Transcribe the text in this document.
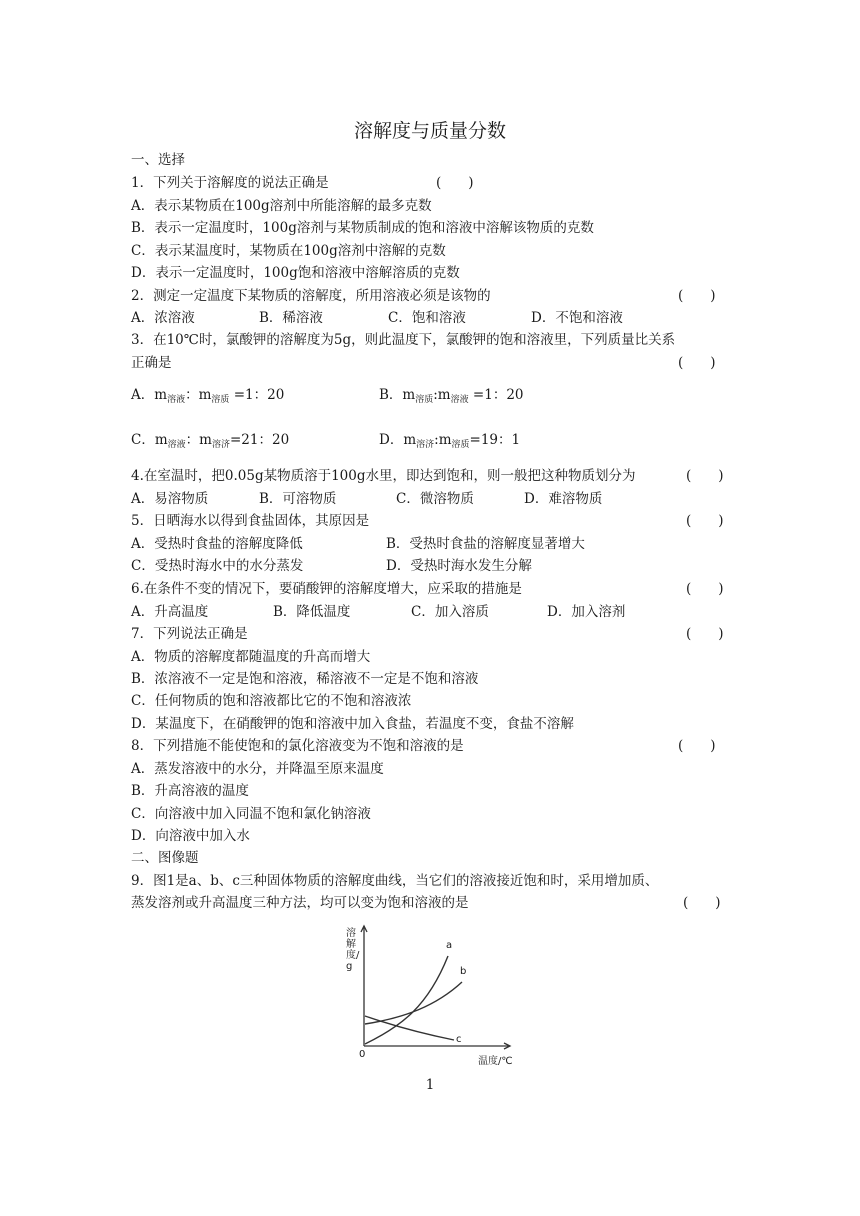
溶解度与质量分数
一、选择
1．下列关于溶解度的说法正确是	(　　)
A．表示某物质在100g溶剂中所能溶解的最多克数
B．表示一定温度时，100g溶剂与某物质制成的饱和溶液中溶解该物质的克数
C．表示某温度时，某物质在100g溶剂中溶解的克数
D．表示一定温度时，100g饱和溶液中溶解溶质的克数
2．测定一定温度下某物质的溶解度，所用溶液必须是该物的	(　　)
A．浓溶液	B．稀溶液	C．饱和溶液	D．不饱和溶液
3．在10℃时，氯酸钾的溶解度为5g，则此温度下，氯酸钾的饱和溶液里，下列质量比关系
正确是	(　　)
A．$m_{溶液}$：$m_{溶质} =1$：20	B．$m_{溶质}:m_{溶液} =1$：20
C．$m_{溶液}$：$m_{溶济}=21$：20	D．$m_{溶济}:m_{溶质}=19$：1
4.在室温时，把0.05g某物质溶于100g水里，即达到饱和，则一般把这种物质划分为	(　　)
A．易溶物质	B．可溶物质	C．微溶物质	D．难溶物质
5．日晒海水以得到食盐固体，其原因是	(　　)
A．受热时食盐的溶解度降低	B．受热时食盐的溶解度显著增大
C．受热时海水中的水分蒸发	D．受热时海水发生分解
6.在条件不变的情况下，要硝酸钾的溶解度增大，应采取的措施是	(　　)
A．升高温度	B．降低温度	C．加入溶质	D．加入溶剂
7．下列说法正确是	(　　)
A．物质的溶解度都随温度的升高而增大
B．浓溶液不一定是饱和溶液，稀溶液不一定是不饱和溶液
C．任何物质的饱和溶液都比它的不饱和溶液浓
D．某温度下，在硝酸钾的饱和溶液中加入食盐，若温度不变，食盐不溶解
8．下列措施不能使饱和的氯化溶液变为不饱和溶液的是	(　　)
A．蒸发溶液中的水分，并降温至原来温度
B．升高溶液的温度
C．向溶液中加入同温不饱和氯化钠溶液
D．向溶液中加入水
二、图像题
9．图1是a、b、c三种固体物质的溶解度曲线，当它们的溶液接近饱和时，采用增加质、
蒸发溶剂或升高温度三种方法，均可以变为饱和溶液的是	(　　)
溶解度/g
温度/℃
0
a
b
c
1
